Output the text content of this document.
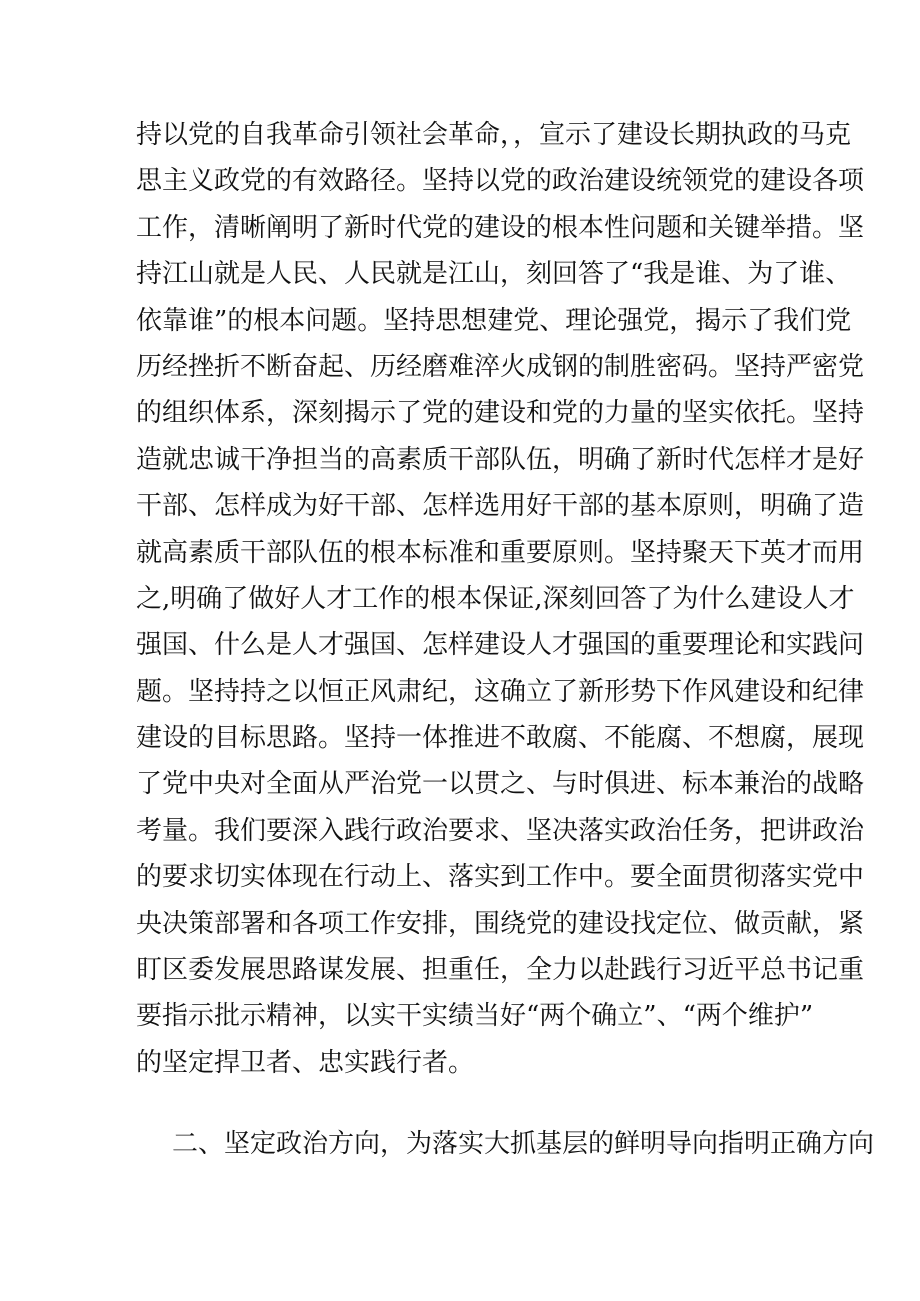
持以党的自我革命引领社会革命，，宣示了建设长期执政的马克
思主义政党的有效路径。坚持以党的政治建设统领党的建设各项
工作，清晰阐明了新时代党的建设的根本性问题和关键举措。坚
持江山就是人民、人民就是江山，刻回答了“我是谁、为了谁、
依靠谁”的根本问题。坚持思想建党、理论强党，揭示了我们党
历经挫折不断奋起、历经磨难淬火成钢的制胜密码。坚持严密党
的组织体系，深刻揭示了党的建设和党的力量的坚实依托。坚持
造就忠诚干净担当的高素质干部队伍，明确了新时代怎样才是好
干部、怎样成为好干部、怎样选用好干部的基本原则，明确了造
就高素质干部队伍的根本标准和重要原则。坚持聚天下英才而用
之,明确了做好人才工作的根本保证,深刻回答了为什么建设人才
强国、什么是人才强国、怎样建设人才强国的重要理论和实践问
题。坚持持之以恒正风肃纪，这确立了新形势下作风建设和纪律
建设的目标思路。坚持一体推进不敢腐、不能腐、不想腐，展现
了党中央对全面从严治党一以贯之、与时俱进、标本兼治的战略
考量。我们要深入践行政治要求、坚决落实政治任务，把讲政治
的要求切实体现在行动上、落实到工作中。要全面贯彻落实党中
央决策部署和各项工作安排，围绕党的建设找定位、做贡献，紧
盯区委发展思路谋发展、担重任，全力以赴践行习近平总书记重
要指示批示精神，以实干实绩当好“两个确立”、“两个维护”
的坚定捍卫者、忠实践行者。
二、坚定政治方向，为落实大抓基层的鲜明导向指明正确方向
